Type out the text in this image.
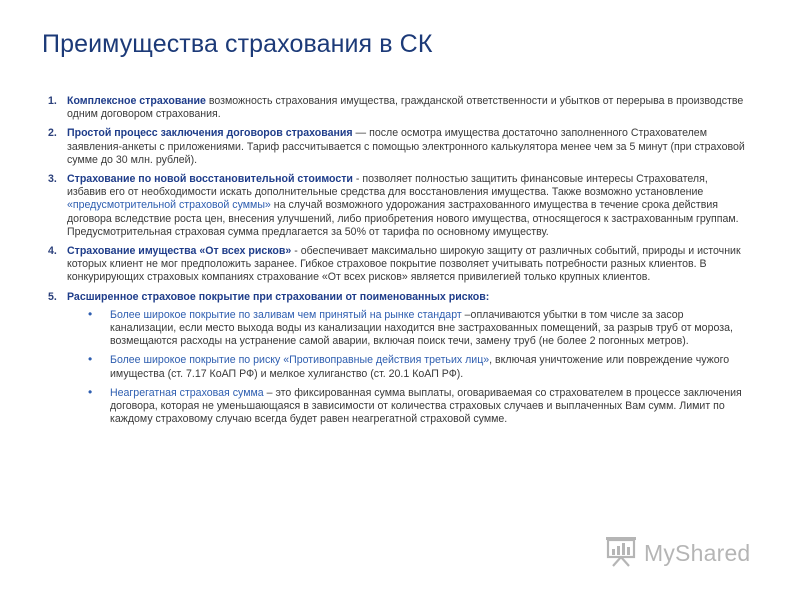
Преимущества страхования в СК
1. Комплексное страхование возможность страхования имущества, гражданской ответственности и убытков от перерыва в производстве одним договором страхования.
2. Простой процесс заключения договоров страхования — после осмотра имущества достаточно заполненного Страхователем заявления-анкеты с приложениями. Тариф рассчитывается с помощью электронного калькулятора менее чем за 5 минут (при страховой сумме до 30 млн. рублей).
3. Страхование по новой восстановительной стоимости - позволяет полностью защитить финансовые интересы Страхователя, избавив его от необходимости искать дополнительные средства для восстановления имущества. Также возможно установление «предусмотрительной страховой суммы» на случай возможного удорожания застрахованного имущества в течение срока действия договора вследствие роста цен, внесения улучшений, либо приобретения нового имущества, относящегося к застрахованным группам. Предусмотрительная страховая сумма предлагается за 50% от тарифа по основному имуществу.
4. Страхование имущества «От всех рисков» - обеспечивает максимально широкую защиту от различных событий, природы и источник которых клиент не мог предположить заранее. Гибкое страховое покрытие позволяет учитывать потребности разных клиентов. В конкурирующих страховых компаниях страхование «От всех рисков» является привилегией только крупных клиентов.
5. Расширенное страховое покрытие при страховании от поименованных рисков:
• Более широкое покрытие по заливам чем принятый на рынке стандарт –оплачиваются убытки в том числе за засор канализации, если место выхода воды из канализации находится вне застрахованных помещений, за разрыв труб от мороза, возмещаются расходы на устранение самой аварии, включая поиск течи, замену труб (не более 2 погонных метров).
• Более широкое покрытие по риску «Противоправные действия третьих лиц», включая уничтожение или повреждение чужого имущества (ст. 7.17 КоАП РФ) и мелкое хулиганство (ст. 20.1 КоАП РФ).
• Неагрегатная страховая сумма – это фиксированная сумма выплаты, оговариваемая со страхователем в процессе заключения договора, которая не уменьшающаяся в зависимости от количества страховых случаев и выплаченных Вам сумм. Лимит по каждому страховому случаю всегда будет равен неагрегатной страховой сумме.
MyShared
